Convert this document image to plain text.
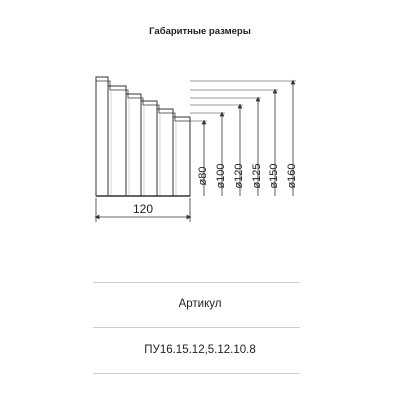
Габаритные размеры
ø80 ø100 ø120 ø125 ø150 ø160
120
Артикул
ПУ16.15.12,5.12.10.8
